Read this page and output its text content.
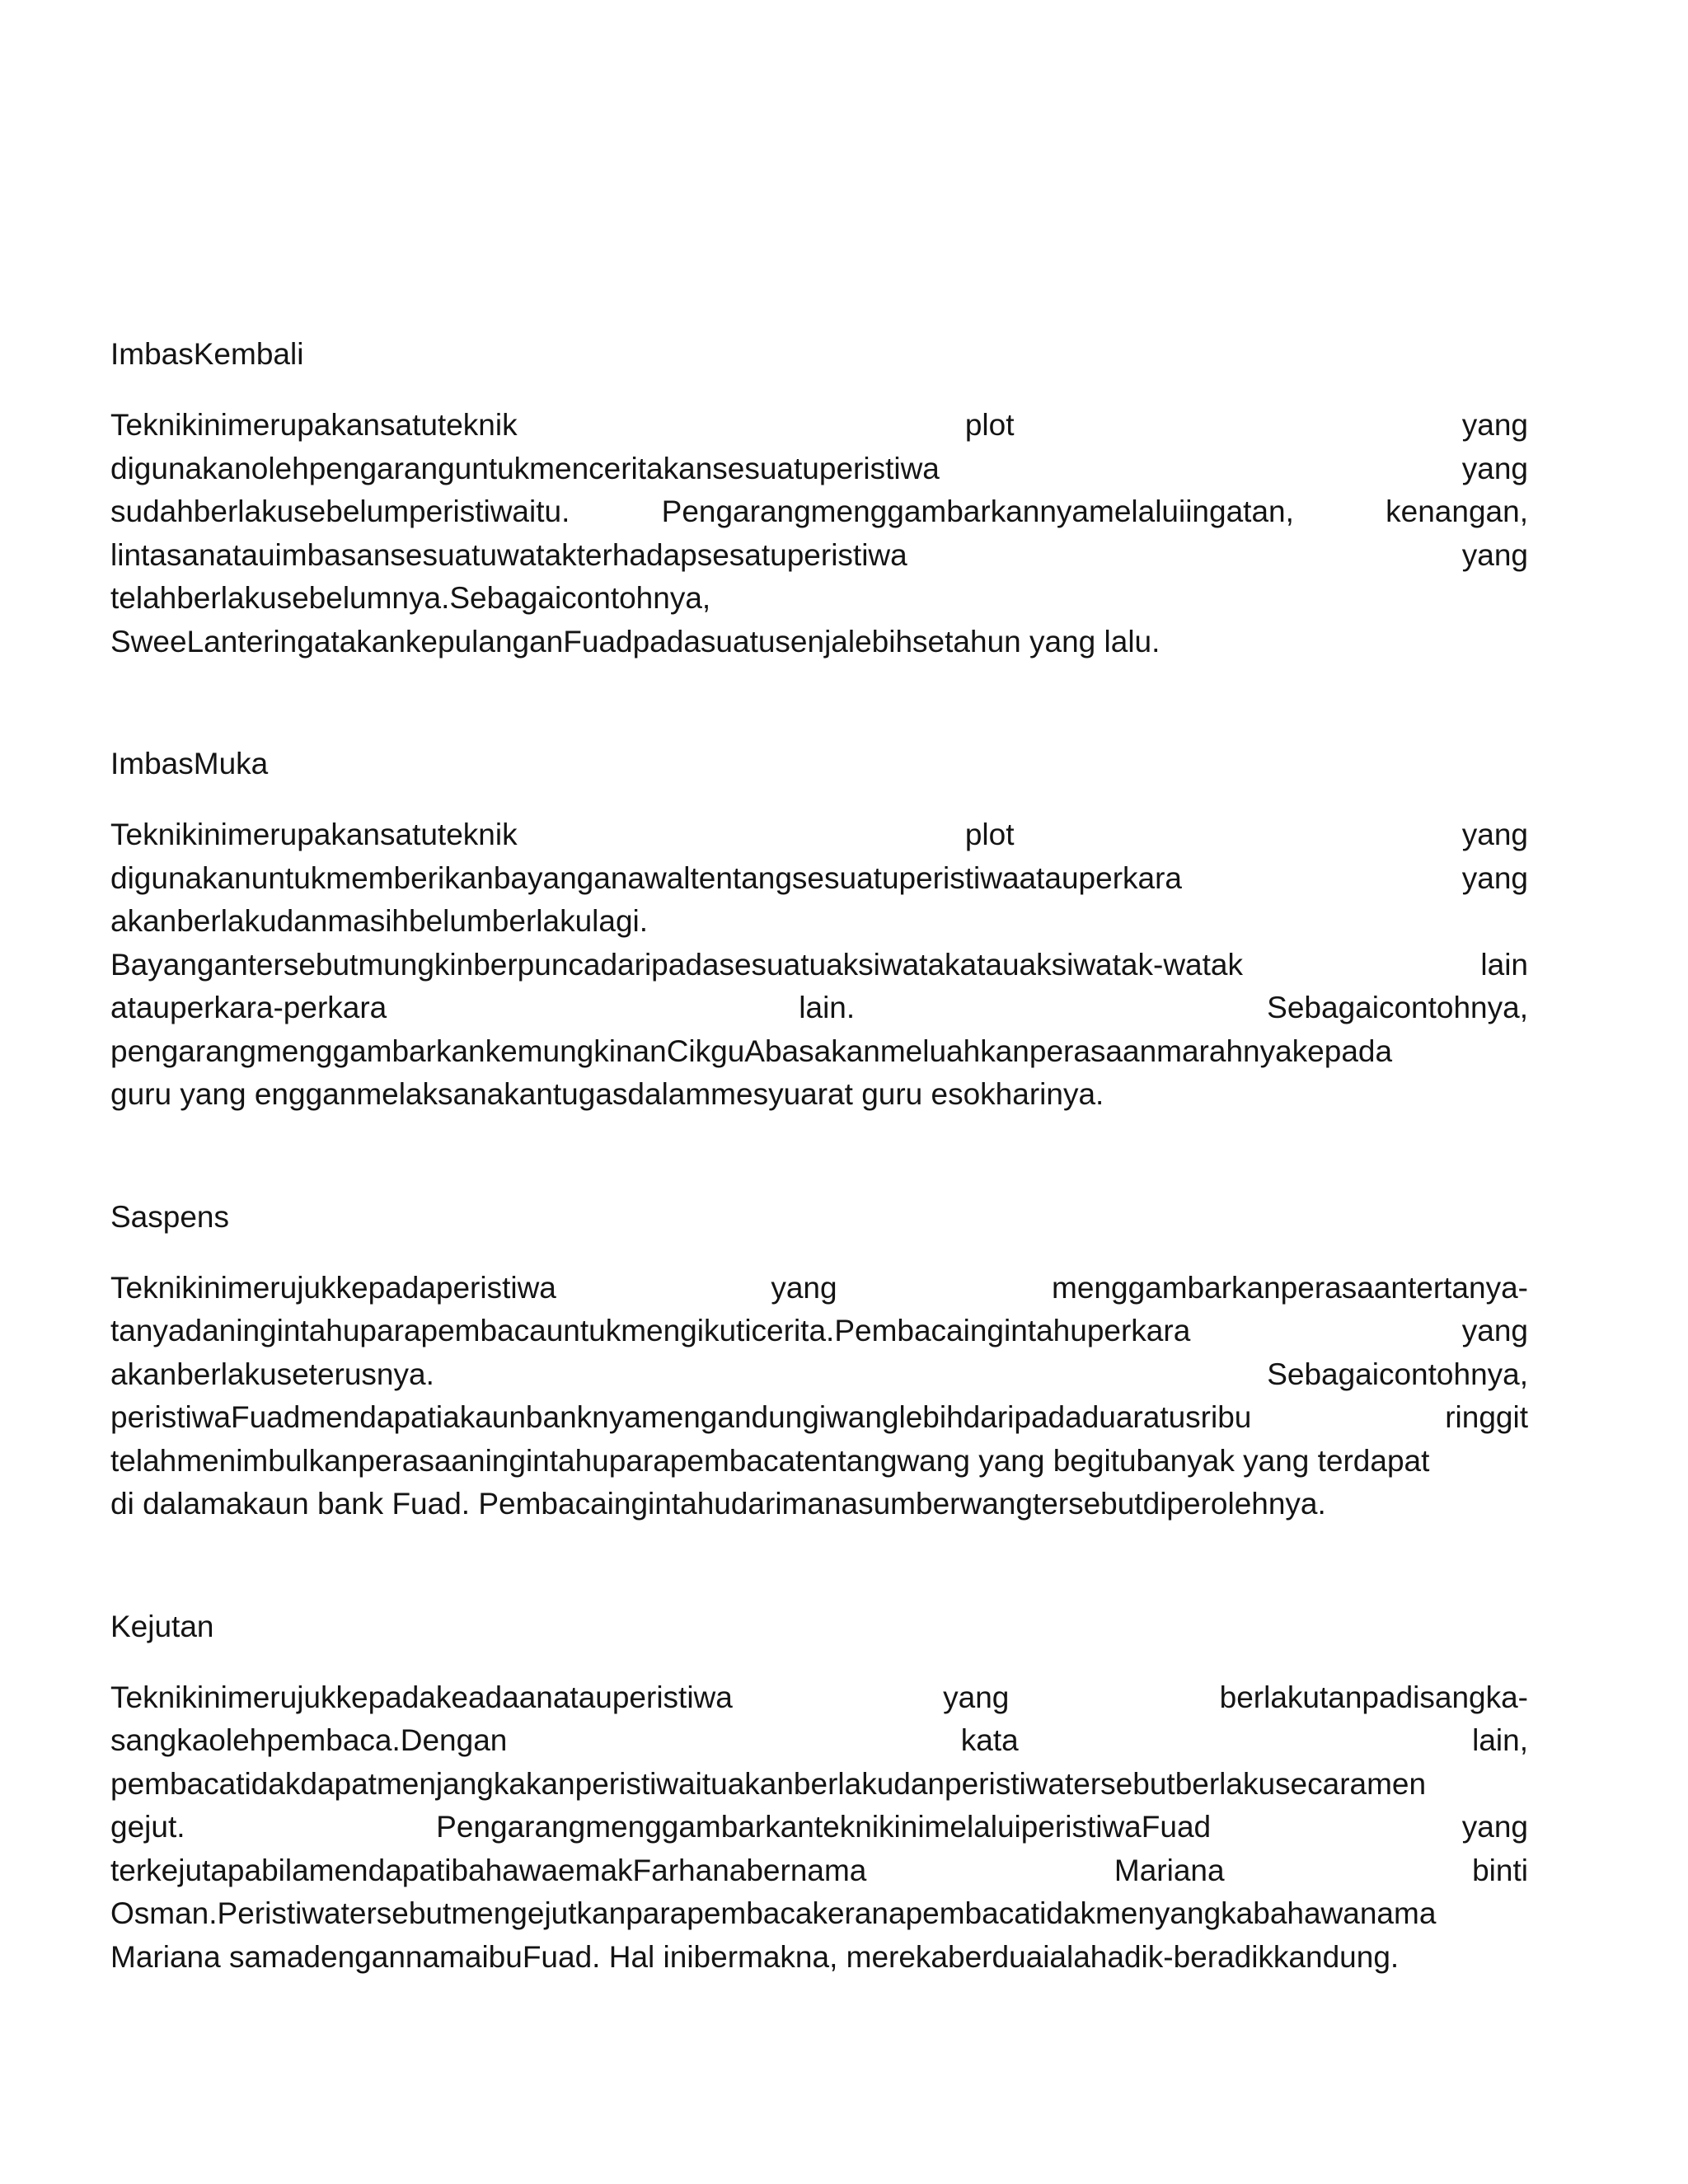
ImbasKembali
Teknikinimerupakansatuteknik	plot	yang
digunakanolehpengaranguntukmenceritakansesuatuperistiwa	yang
sudahberlakusebelumperistiwaitu.	Pengarangmenggambarkannyamelaluiingatan,	kenangan,
lintasanatauimbasansesuatuwatakterhadapsesatuperistiwa	yang
telahberlakusebelumnya.Sebagaicontohnya,
SweeLanteringatakankepulanganFuadpadasuatusenjalebihsetahun yang lalu.
ImbasMuka
Teknikinimerupakansatuteknik	plot	yang
digunakanuntukmemberikanbayanganawaltentangsesuatuperistiwaatauperkara	yang
akanberlakudanmasihbelumberlakulagi.
Bayangantersebutmungkinberpuncadaripadasesuatuaksiwatakatauaksiwatak-watak	lain
atauperkara-perkara	lain.	Sebagaicontohnya,
pengarangmenggambarkankemungkinanCikguAbasakanmeluahkanperasaanmarahnyakepada
guru yang engganmelaksanakantugasdalammesyuarat guru esokharinya.
Saspens
Teknikinimerujukkepadaperistiwa	yang	menggambarkanperasaantertanya-
tanyadaningintahuparapembacauntukmengikuticerita.Pembacaingintahuperkara	yang
akanberlakuseterusnya.	Sebagaicontohnya,
peristiwaFuadmendapatiakaunbanknyamengandungiwanglebihdaripadaduaratusribu	ringgit
telahmenimbulkanperasaaningintahuparapembacatentangwang yang begitubanyak yang terdapat
di dalamakaun bank Fuad. Pembacaingintahudarimanasumberwangtersebutdiperolehnya.
Kejutan
Teknikinimerujukkepadakeadaanatauperistiwa	yang	berlakutanpadisangka-
sangkaolehpembaca.Dengan	kata	lain,
pembacatidakdapatmenjangkakanperistiwaituakanberlakudanperistiwatersebutberlakusecaramen
gejut.	PengarangmenggambarkanteknikinimelaluiperistiwaFuad	yang
terkejutapabilamendapatibahawaemakFarhanabernama	Mariana	binti
Osman.Peristiwatersebutmengejutkanparapembacakeranapembacatidakmenyangkabahawanama
Mariana samadengannamaibuFuad. Hal inibermakna, merekaberduaialahadik-beradikkandung.
